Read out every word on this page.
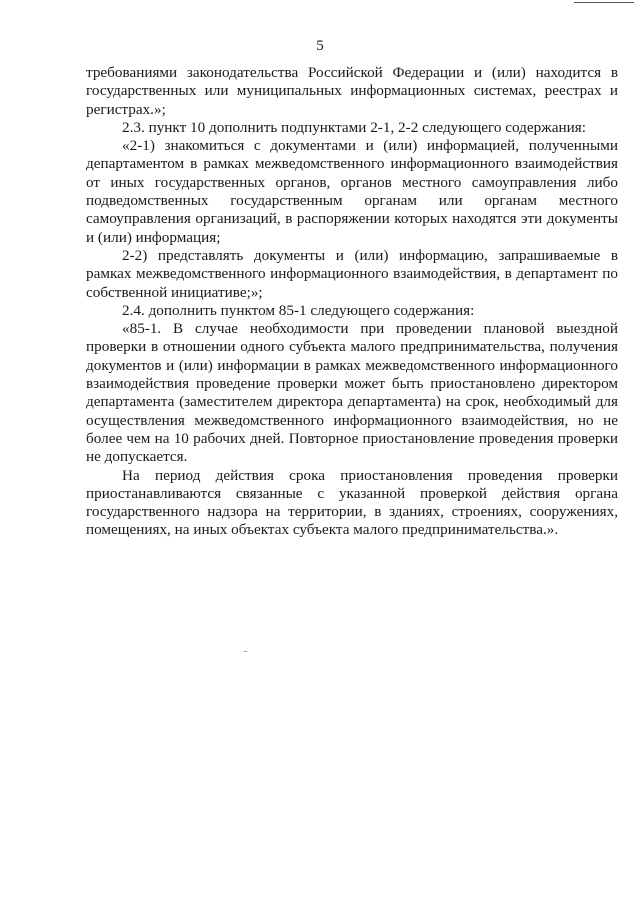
5

требованиями законодательства Российской Федерации и (или) находится в государственных или муниципальных информационных системах, реестрах и регистрах.»;

2.3. пункт 10 дополнить подпунктами 2-1, 2-2 следующего содержания:

«2-1) знакомиться с документами и (или) информацией, полученными департаментом в рамках межведомственного информационного взаимодействия от иных государственных органов, органов местного самоуправления либо подведомственных государственным органам или органам местного самоуправления организаций, в распоряжении которых находятся эти документы и (или) информация;

2-2) представлять документы и (или) информацию, запрашиваемые в рамках межведомственного информационного взаимодействия, в департамент по собственной инициативе;»;

2.4. дополнить пунктом 85-1 следующего содержания:

«85-1. В случае необходимости при проведении плановой выездной проверки в отношении одного субъекта малого предпринимательства, получения документов и (или) информации в рамках межведомственного информационного взаимодействия проведение проверки может быть приостановлено директором департамента (заместителем директора департамента) на срок, необходимый для осуществления межведомственного информационного взаимодействия, но не более чем на 10 рабочих дней. Повторное приостановление проведения проверки не допускается.

На период действия срока приостановления проведения проверки приостанавливаются связанные с указанной проверкой действия органа государственного надзора на территории, в зданиях, строениях, сооружениях, помещениях, на иных объектах субъекта малого предпринимательства.».
